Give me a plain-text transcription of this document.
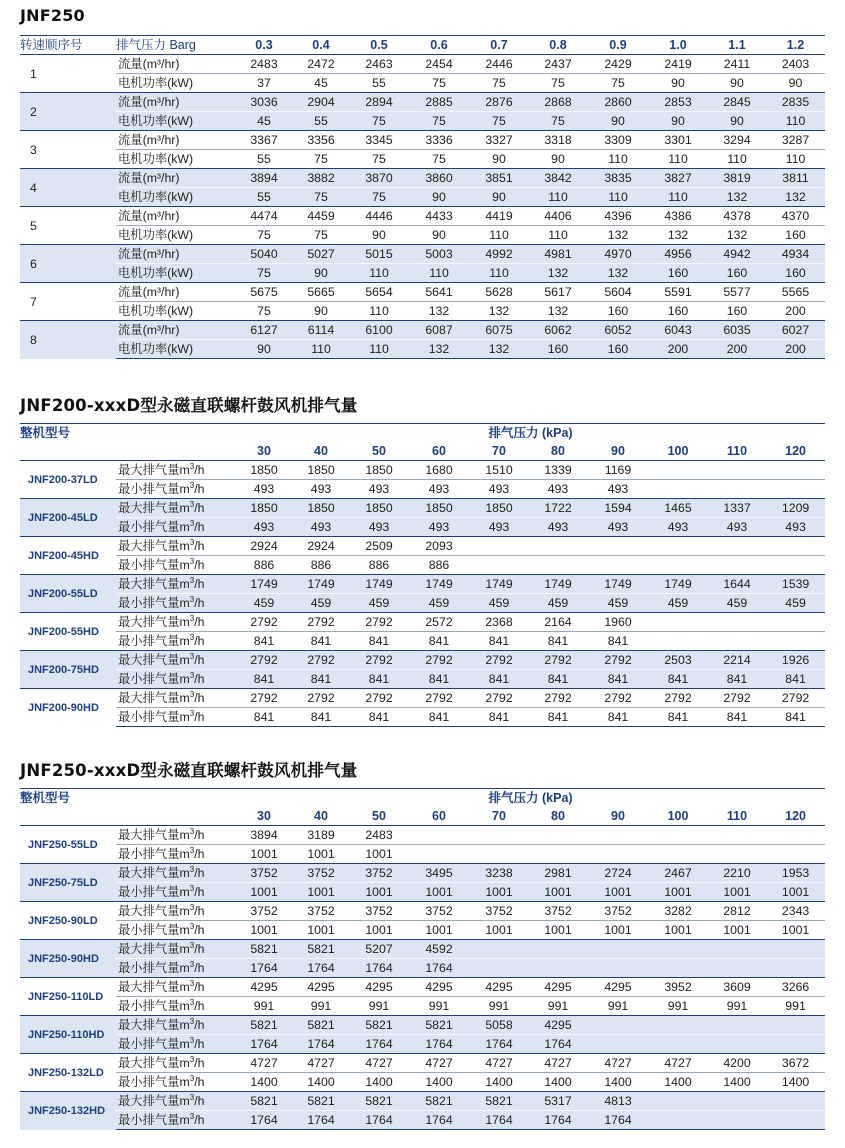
JNF250
转速顺序号	排气压力 Barg	0.3	0.4	0.5	0.6	0.7	0.8	0.9	1.0	1.1	1.2
1	流量(m³/hr)	2483	2472	2463	2454	2446	2437	2429	2419	2411	2403
	电机功率(kW)	37	45	55	75	75	75	75	90	90	90
2	流量(m³/hr)	3036	2904	2894	2885	2876	2868	2860	2853	2845	2835
	电机功率(kW)	45	55	75	75	75	75	90	90	90	110
3	流量(m³/hr)	3367	3356	3345	3336	3327	3318	3309	3301	3294	3287
	电机功率(kW)	55	75	75	75	90	90	110	110	110	110
4	流量(m³/hr)	3894	3882	3870	3860	3851	3842	3835	3827	3819	3811
	电机功率(kW)	55	75	75	90	90	110	110	110	132	132
5	流量(m³/hr)	4474	4459	4446	4433	4419	4406	4396	4386	4378	4370
	电机功率(kW)	75	75	90	90	110	110	132	132	132	160
6	流量(m³/hr)	5040	5027	5015	5003	4992	4981	4970	4956	4942	4934
	电机功率(kW)	75	90	110	110	110	132	132	160	160	160
7	流量(m³/hr)	5675	5665	5654	5641	5628	5617	5604	5591	5577	5565
	电机功率(kW)	75	90	110	132	132	132	160	160	160	200
8	流量(m³/hr)	6127	6114	6100	6087	6075	6062	6052	6043	6035	6027
	电机功率(kW)	90	110	110	132	132	160	160	200	200	200
JNF200-xxxD型永磁直联螺杆鼓风机排气量
整机型号		排气压力 (kPa)									
		30	40	50	60	70	80	90	100	110	120
JNF200-37LD	最大排气量$m^3/h$	1850	1850	1850	1680	1510	1339	1169			
	最小排气量$m^3/h$	493	493	493	493	493	493	493			
JNF200-45LD	最大排气量$m^3/h$	1850	1850	1850	1850	1850	1722	1594	1465	1337	1209
	最小排气量$m^3/h$	493	493	493	493	493	493	493	493	493	493
JNF200-45HD	最大排气量$m^3/h$	2924	2924	2509	2093						
	最小排气量$m^3/h$	886	886	886	886						
JNF200-55LD	最大排气量$m^3/h$	1749	1749	1749	1749	1749	1749	1749	1749	1644	1539
	最小排气量$m^3/h$	459	459	459	459	459	459	459	459	459	459
JNF200-55HD	最大排气量$m^3/h$	2792	2792	2792	2572	2368	2164	1960			
	最小排气量$m^3/h$	841	841	841	841	841	841	841			
JNF200-75HD	最大排气量$m^3/h$	2792	2792	2792	2792	2792	2792	2792	2503	2214	1926
	最小排气量$m^3/h$	841	841	841	841	841	841	841	841	841	841
JNF200-90HD	最大排气量$m^3/h$	2792	2792	2792	2792	2792	2792	2792	2792	2792	2792
	最小排气量$m^3/h$	841	841	841	841	841	841	841	841	841	841
JNF250-xxxD型永磁直联螺杆鼓风机排气量
整机型号		排气压力 (kPa)									
		30	40	50	60	70	80	90	100	110	120
JNF250-55LD	最大排气量$m^3/h$	3894	3189	2483							
	最小排气量$m^3/h$	1001	1001	1001							
JNF250-75LD	最大排气量$m^3/h$	3752	3752	3752	3495	3238	2981	2724	2467	2210	1953
	最小排气量$m^3/h$	1001	1001	1001	1001	1001	1001	1001	1001	1001	1001
JNF250-90LD	最大排气量$m^3/h$	3752	3752	3752	3752	3752	3752	3752	3282	2812	2343
	最小排气量$m^3/h$	1001	1001	1001	1001	1001	1001	1001	1001	1001	1001
JNF250-90HD	最大排气量$m^3/h$	5821	5821	5207	4592						
	最小排气量$m^3/h$	1764	1764	1764	1764						
JNF250-110LD	最大排气量$m^3/h$	4295	4295	4295	4295	4295	4295	4295	3952	3609	3266
	最小排气量$m^3/h$	991	991	991	991	991	991	991	991	991	991
JNF250-110HD	最大排气量$m^3/h$	5821	5821	5821	5821	5058	4295				
	最小排气量$m^3/h$	1764	1764	1764	1764	1764	1764				
JNF250-132LD	最大排气量$m^3/h$	4727	4727	4727	4727	4727	4727	4727	4727	4200	3672
	最小排气量$m^3/h$	1400	1400	1400	1400	1400	1400	1400	1400	1400	1400
JNF250-132HD	最大排气量$m^3/h$	5821	5821	5821	5821	5821	5317	4813			
	最小排气量$m^3/h$	1764	1764	1764	1764	1764	1764	1764			
